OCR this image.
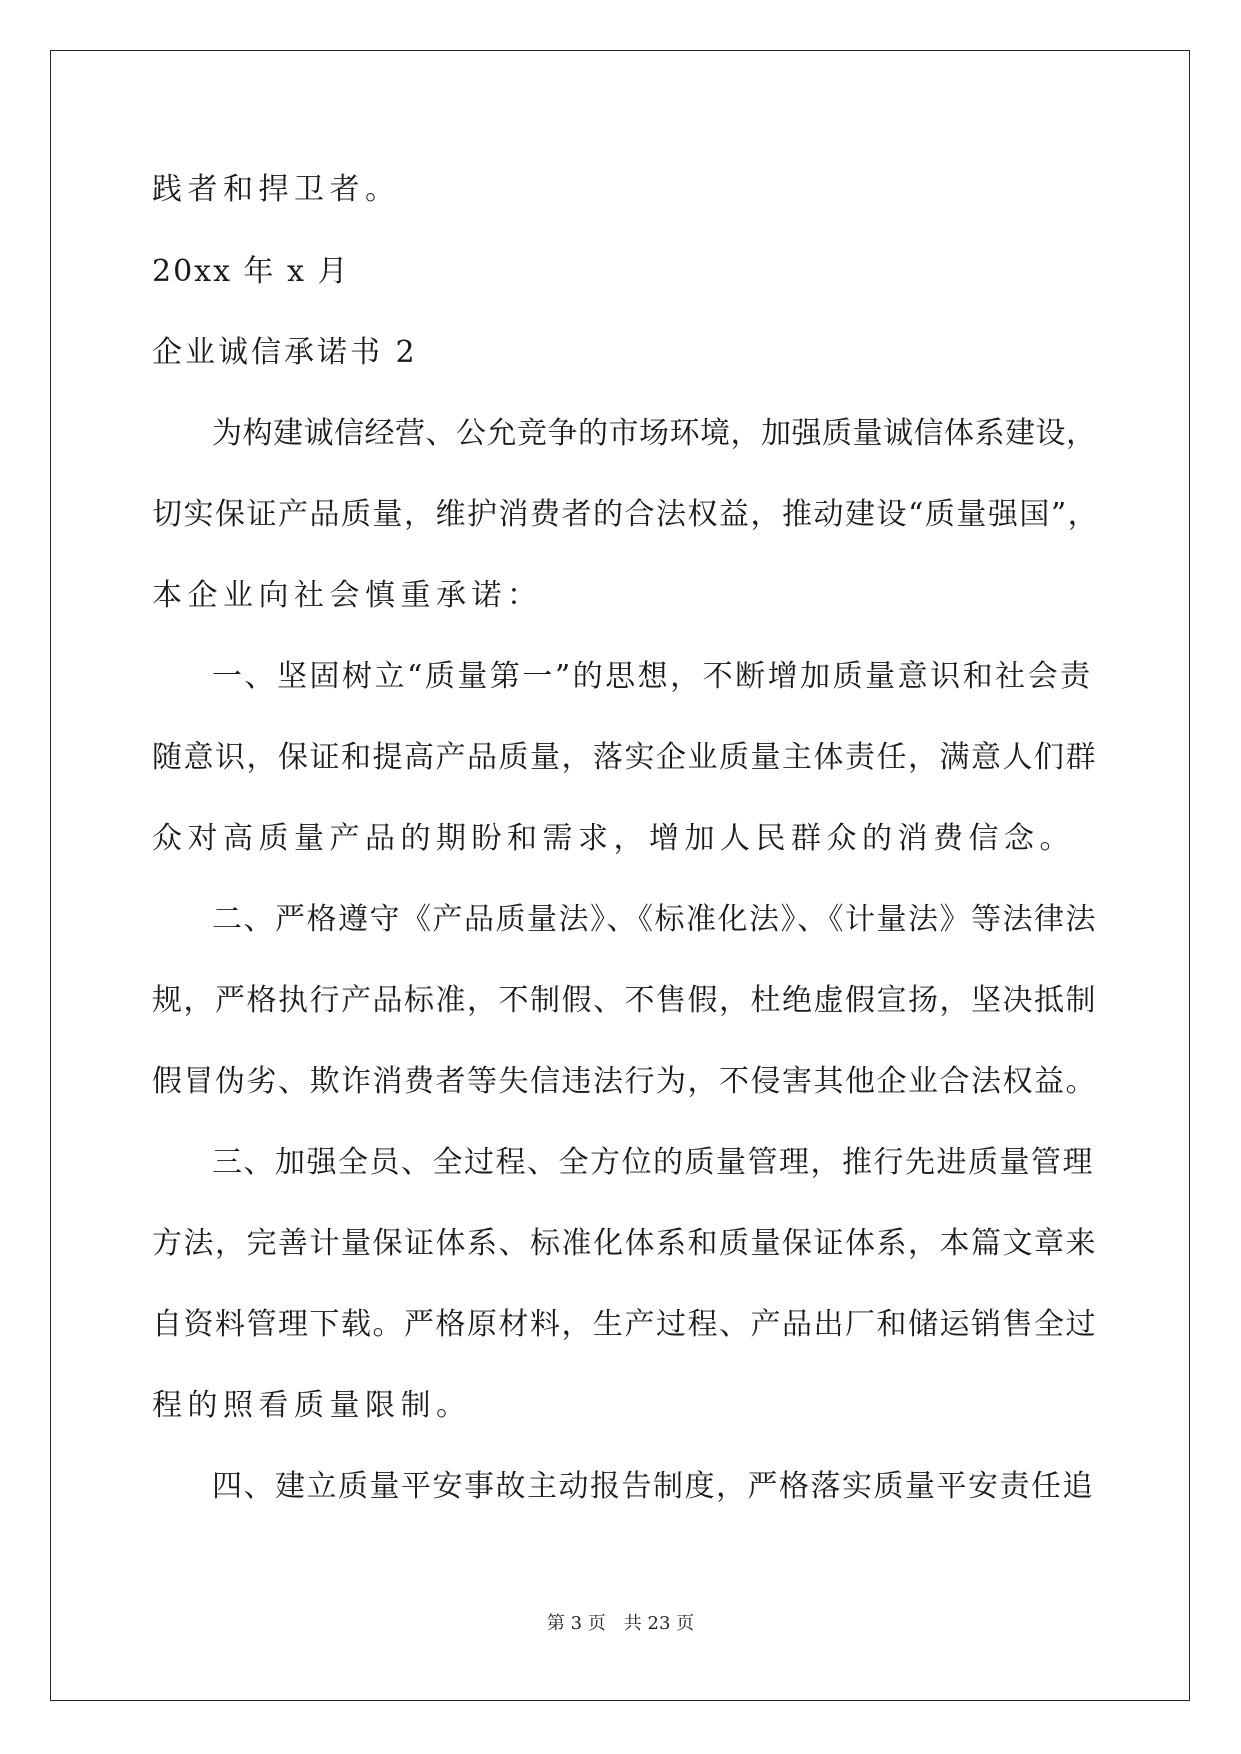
践者和捍卫者。
20xx 年 x 月
企业诚信承诺书 2
为构建诚信经营、公允竞争的市场环境，加强质量诚信体系建设，
切实保证产品质量，维护消费者的合法权益，推动建设“质量强国”，
本企业向社会慎重承诺：
一、坚固树立“质量第一”的思想，不断增加质量意识和社会责
随意识，保证和提高产品质量，落实企业质量主体责任，满意人们群
众对高质量产品的期盼和需求，增加人民群众的消费信念。
二、严格遵守《产品质量法》、《标准化法》、《计量法》等法律法
规，严格执行产品标准，不制假、不售假，杜绝虚假宣扬，坚决抵制
假冒伪劣、欺诈消费者等失信违法行为，不侵害其他企业合法权益。
三、加强全员、全过程、全方位的质量管理，推行先进质量管理
方法，完善计量保证体系、标准化体系和质量保证体系，本篇文章来
自资料管理下载。严格原材料，生产过程、产品出厂和储运销售全过
程的照看质量限制。
四、建立质量平安事故主动报告制度，严格落实质量平安责任追
第 3 页 共 23 页
